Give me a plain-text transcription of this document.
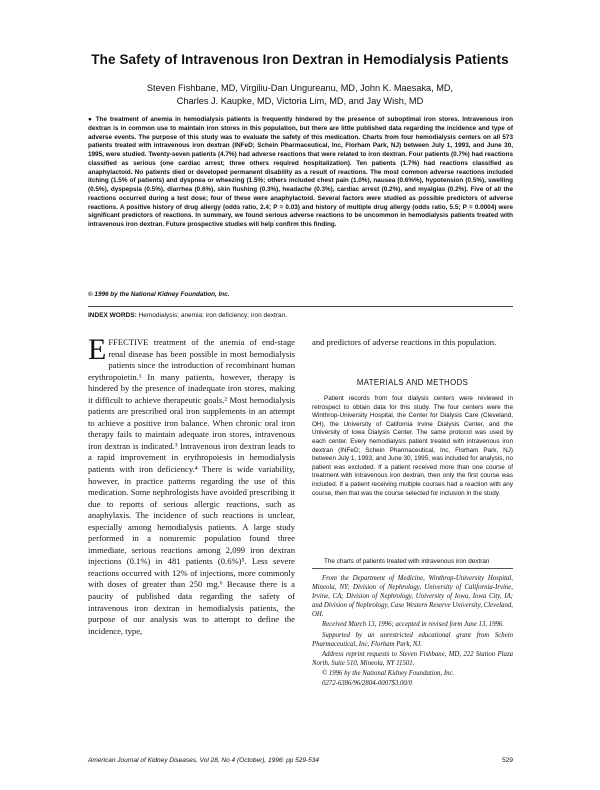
The Safety of Intravenous Iron Dextran in Hemodialysis Patients
Steven Fishbane, MD, Virgiliu-Dan Ungureanu, MD, John K. Maesaka, MD,
Charles J. Kaupke, MD, Victoria Lim, MD, and Jay Wish, MD
● The treatment of anemia in hemodialysis patients is frequently hindered by the presence of suboptimal iron stores. Intravenous iron dextran is in common use to maintain iron stores in this population, but there are little published data regarding the incidence and type of adverse events. The purpose of this study was to evaluate the safety of this medication. Charts from four hemodialysis centers on all 573 patients treated with intravenous iron dextran (INFeD; Schein Pharmaceutical, Inc, Florham Park, NJ) between July 1, 1993, and June 30, 1995, were studied. Twenty-seven patients (4.7%) had adverse reactions that were related to iron dextran. Four patients (0.7%) had reactions classified as serious (one cardiac arrest; three others required hospitalization). Ten patients (1.7%) had reactions classified as anaphylactoid. No patients died or developed permanent disability as a result of reactions. The most common adverse reactions included itching (1.5% of patients) and dyspnea or wheezing (1.5%; others included chest pain (1.0%), nausea (0.6%%), hypotension (0.5%), swelling (0.5%), dyspepsia (0.5%), diarrhea (0.6%), skin flushing (0.3%), headache (0.3%), cardiac arrest (0.2%), and myalgias (0.2%). Five of all the reactions occurred during a test dose; four of these were anaphylactoid. Several factors were studied as possible predictors of adverse reactions. A positive history of drug allergy (odds ratio, 2.4; P = 0.03) and history of multiple drug allergy (odds ratio, 5.5; P = 0.0004) were significant predictors of reactions. In summary, we found serious adverse reactions to be uncommon in hemodialysis patients treated with intravenous iron dextran. Future prospective studies will help confirm this finding.
© 1996 by the National Kidney Foundation, Inc.
INDEX WORDS: Hemodialysis; anemia; iron deficiency; iron dextran.

EFFECTIVE treatment of the anemia of end-stage renal disease has been possible in most hemodialysis patients since the introduction of recombinant human erythropoietin.¹ In many patients, however, therapy is hindered by the presence of inadequate iron stores, making it difficult to achieve therapeutic goals.² Most hemodialysis patients are prescribed oral iron supplements in an attempt to achieve a positive iron balance. When chronic oral iron therapy fails to maintain adequate iron stores, intravenous iron dextran is indicated.³ Intravenous iron dextran leads to a rapid improvement in erythropoiesis in hemodialysis patients with iron deficiency.⁴ There is wide variability, however, in practice patterns regarding the use of this medication. Some nephrologists have avoided prescribing it due to reports of serious allergic reactions, such as anaphylaxis. The incidence of such reactions is unclear, especially among hemodialysis patients. A large study performed in a nonuremic population found three immediate, serious reactions among 2,099 iron dextran injections (0.1%) in 481 patients (0.6%)⁵. Less severe reactions occurred with 12% of injections, more commonly with doses of greater than 250 mg.⁶ Because there is a paucity of published data regarding the safety of intravenous iron dextran in hemodialysis patients, the purpose of our analysis was to attempt to define the incidence, type,

and predictors of adverse reactions in this population.

MATERIALS AND METHODS
Patient records from four dialysis centers were reviewed in retrospect to obtain data for this study. The four centers were the Winthrop-University Hospital, the Center for Dialysis Care (Cleveland, OH), the University of California Irvine Dialysis Center, and the University of Iowa Dialysis Center. The same protocol was used by each center. Every hemodialysis patient treated with intravenous iron dextran (INFeD; Schein Pharmaceutical, Inc, Florham Park, NJ) between July 1, 1993, and June 30, 1995, was included for analysis, no patient was excluded. If a patient received more than one course of treatment with intravenous iron dextran, then only the first course was included. If a patient receiving multiple courses had a reaction with any course, then that was the course selected for inclusion in the study.
The charts of patients treated with intravenous iron dextran

From the Department of Medicine, Winthrop-University Hospital, Mineola, NY; Division of Nephrology, University of California-Irvine, Irvine, CA; Division of Nephrology, University of Iowa, Iowa City, IA; and Division of Nephrology, Case Western Reserve University, Cleveland, OH.

Received March 13, 1996; accepted in revised form June 13, 1996.

Supported by an unrestricted educational grant from Schein Pharmaceutical, Inc, Florham Park, NJ.

Address reprint requests to Steven Fishbane, MD, 222 Station Plaza North, Suite 510, Mineola, NY 11501.

© 1996 by the National Kidney Foundation, Inc.

0272-6386/96/2804-0007$3.00/0

American Journal of Kidney Diseases, Vol 28, No 4 (October), 1996: pp 529-534	529
